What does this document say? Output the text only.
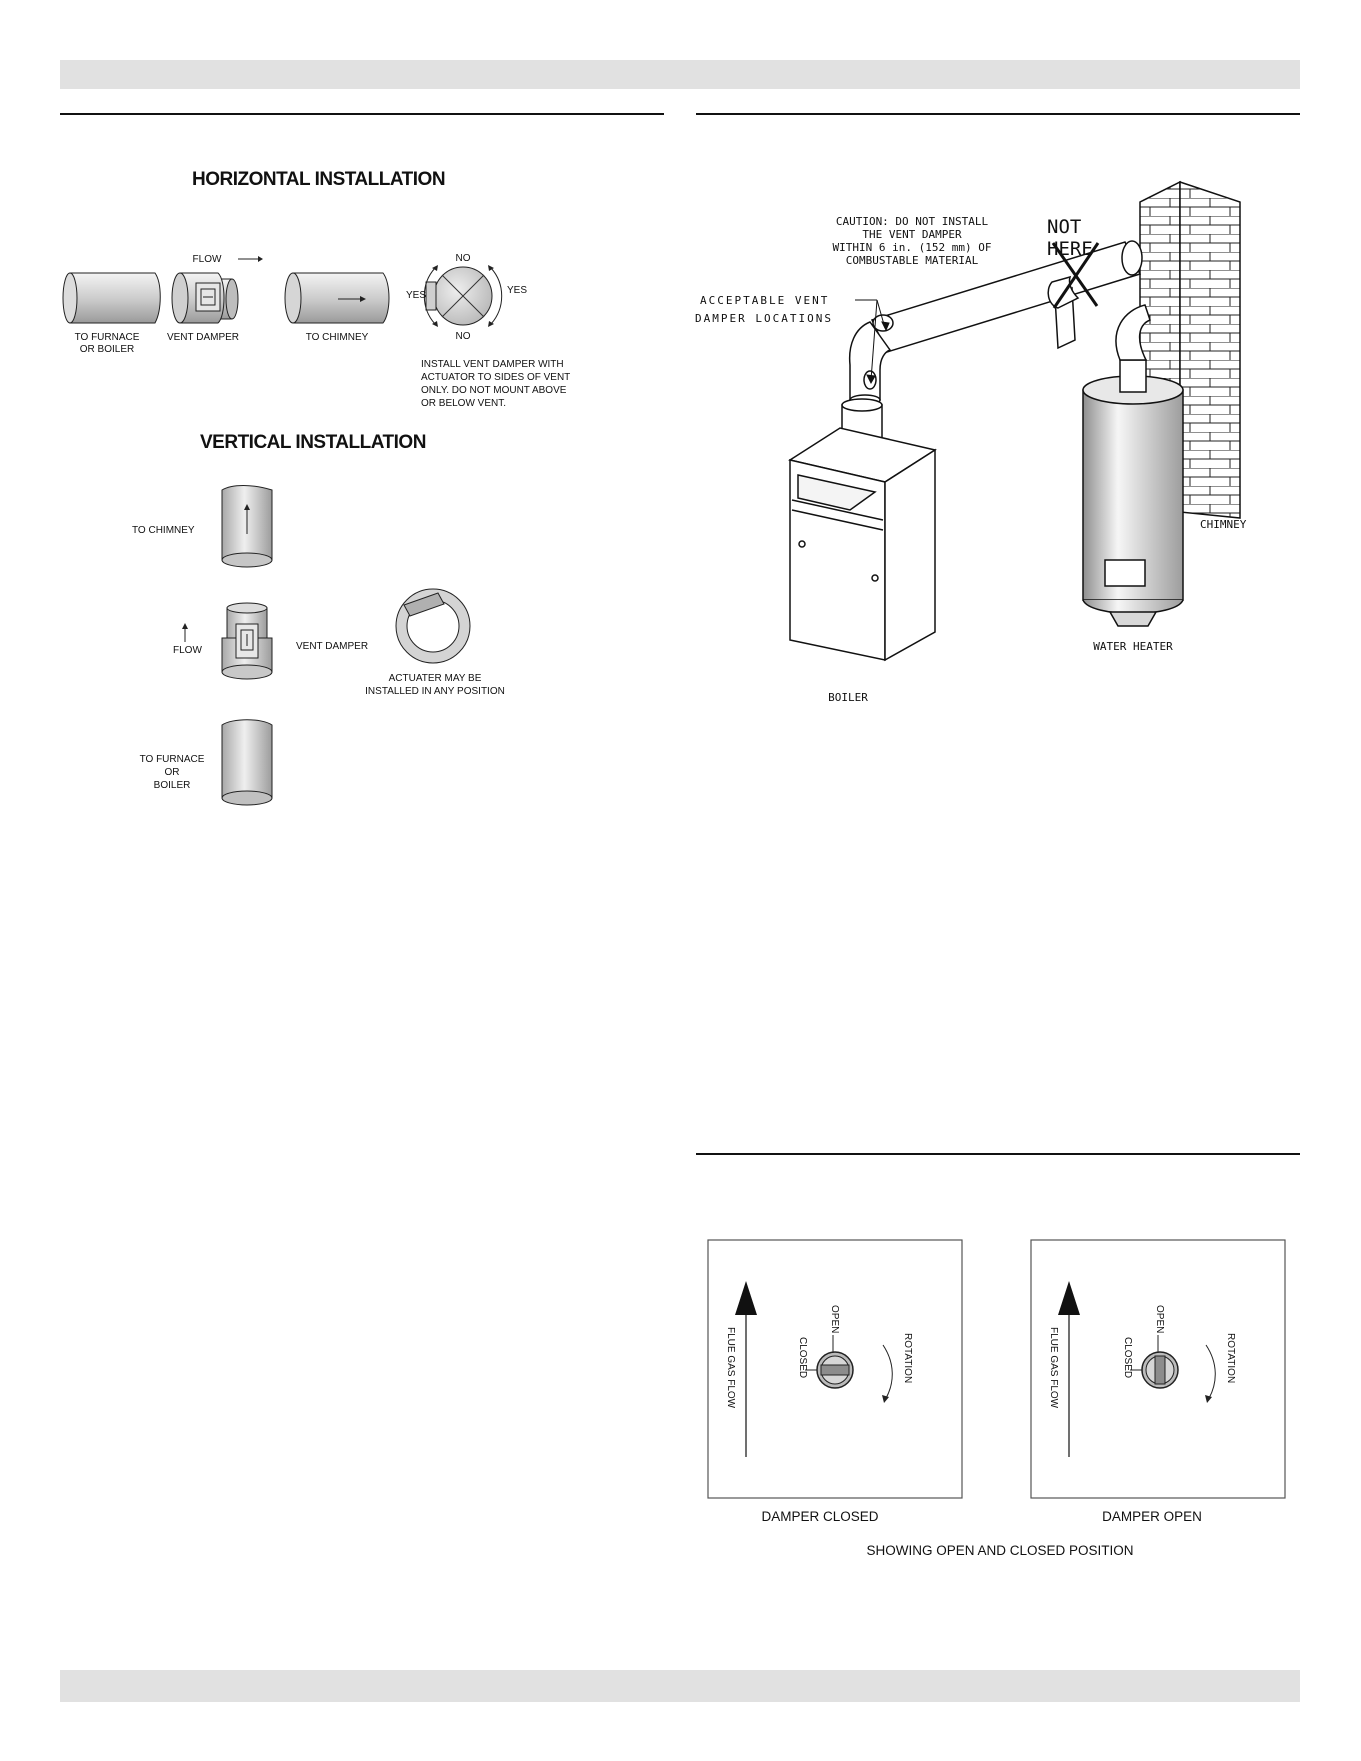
HORIZONTAL INSTALLATION
TO FURNACE
OR BOILER
VENT DAMPER
FLOW
TO CHIMNEY
NO
NO
YES	YES
INSTALL VENT DAMPER WITH
ACTUATOR TO SIDES OF VENT
ONLY. DO NOT MOUNT ABOVE
OR BELOW VENT.
VERTICAL INSTALLATION
TO CHIMNEY
FLOW	VENT DAMPER
ACTUATER MAY BE
INSTALLED IN ANY POSITION
TO FURNACE
OR
BOILER
CHIMNEY
BOILER
WATER HEATER
NOT
HERE
CAUTION: DO NOT INSTALL
THE VENT DAMPER
WITHIN 6 in. (152 mm) OF
COMBUSTABLE MATERIAL
ACCEPTABLE VENT
DAMPER LOCATIONS
FLUE GAS FLOW
OPEN
CLOSED	ROTATION	FLUE GAS FLOW
OPEN
CLOSED	ROTATION
DAMPER CLOSED	DAMPER OPEN
SHOWING OPEN AND CLOSED POSITION
